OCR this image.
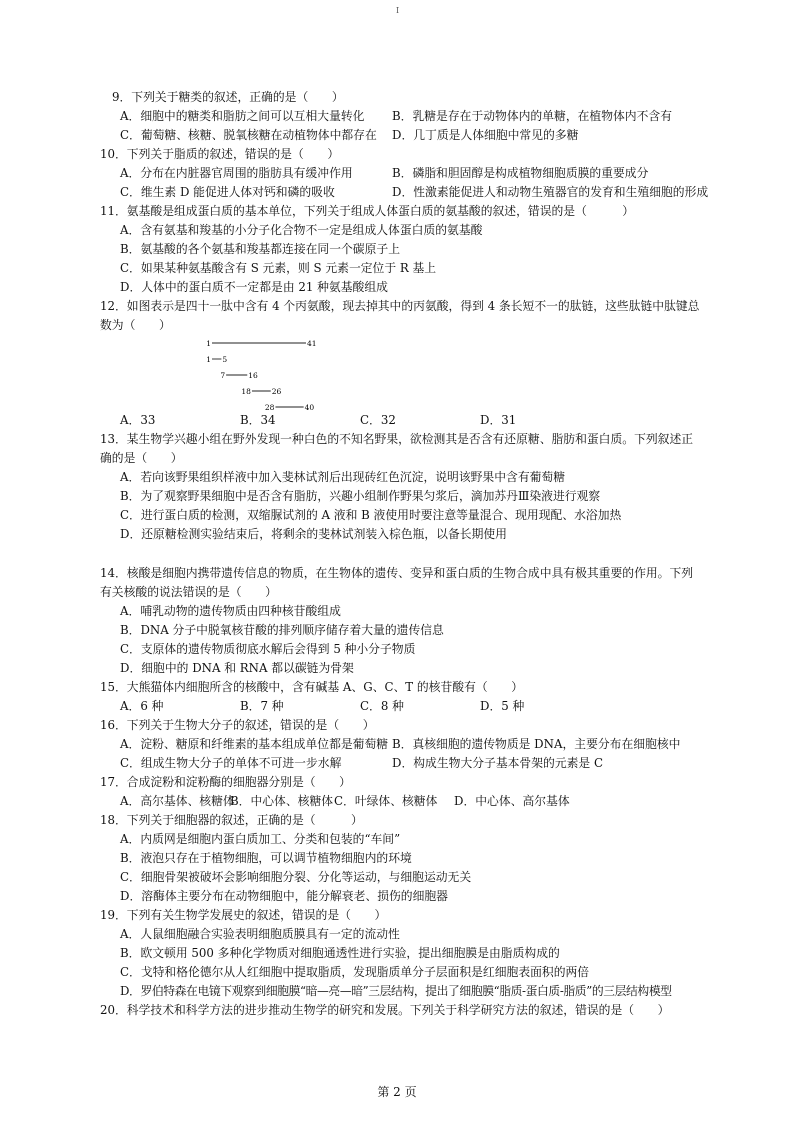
I

9．下列关于糖类的叙述，正确的是（　　）

A．细胞中的糖类和脂肪之间可以互相大量转化	B．乳糖是存在于动物体内的单糖，在植物体内不含有
C．葡萄糖、核糖、脱氧核糖在动植物体中都存在	D．几丁质是人体细胞中常见的多糖

10．下列关于脂质的叙述，错误的是（　　）

A．分布在内脏器官周围的脂肪具有缓冲作用	B．磷脂和胆固醇是构成植物细胞质膜的重要成分
C．维生素 D 能促进人体对钙和磷的吸收	D．性激素能促进人和动物生殖器官的发育和生殖细胞的形成

11．氨基酸是组成蛋白质的基本单位，下列关于组成人体蛋白质的氨基酸的叙述，错误的是（　　　）

A．含有氨基和羧基的小分子化合物不一定是组成人体蛋白质的氨基酸

B．氨基酸的各个氨基和羧基都连接在同一个碳原子上

C．如果某种氨基酸含有 S 元素，则 S 元素一定位于 R 基上

D．人体中的蛋白质不一定都是由 21 种氨基酸组成

12．如图表示是四十一肽中含有 4 个丙氨酸，现去掉其中的丙氨酸，得到 4 条长短不一的肽链，这些肽链中肽键总

数为（　　）

1	41
1 5
7	16
18	26
28	40
A．33	B．34	C．32	D．31

13．某生物学兴趣小组在野外发现一种白色的不知名野果，欲检测其是否含有还原糖、脂肪和蛋白质。下列叙述正

确的是（　　）

A．若向该野果组织样液中加入斐林试剂后出现砖红色沉淀，说明该野果中含有葡萄糖

B．为了观察野果细胞中是否含有脂肪，兴趣小组制作野果匀浆后，滴加苏丹Ⅲ染液进行观察

C．进行蛋白质的检测，双缩脲试剂的 A 液和 B 液使用时要注意等量混合、现用现配、水浴加热

D．还原糖检测实验结束后，将剩余的斐林试剂装入棕色瓶，以备长期使用

14．核酸是细胞内携带遗传信息的物质，在生物体的遗传、变异和蛋白质的生物合成中具有极其重要的作用。下列

有关核酸的说法错误的是（　　）

A．哺乳动物的遗传物质由四种核苷酸组成

B．DNA 分子中脱氧核苷酸的排列顺序储存着大量的遗传信息

C．支原体的遗传物质彻底水解后会得到 5 种小分子物质

D．细胞中的 DNA 和 RNA 都以碳链为骨架

15．大熊猫体内细胞所含的核酸中，含有碱基 A、G、C、T 的核苷酸有（　　）

A．6 种	B．7 种	C．8 种	D．5 种

16．下列关于生物大分子的叙述，错误的是（　　）

A．淀粉、糖原和纤维素的基本组成单位都是葡萄糖 B．真核细胞的遗传物质是 DNA，主要分布在细胞核中
C．组成生物大分子的单体不可进一步水解	D．构成生物大分子基本骨架的元素是 C

17．合成淀粉和淀粉酶的细胞器分别是（　　）

A．高尔基体、核糖体
B．中心体、核糖体 C．叶绿体、核糖体	D．中心体、高尔基体

18．下列关于细胞器的叙述，正确的是（　　　）

A．内质网是细胞内蛋白质加工、分类和包装的“车间”

B．液泡只存在于植物细胞，可以调节植物细胞内的环境

C．细胞骨架被破坏会影响细胞分裂、分化等运动，与细胞运动无关

D．溶酶体主要分布在动物细胞中，能分解衰老、损伤的细胞器

19．下列有关生物学发展史的叙述，错误的是（　　）

A．人鼠细胞融合实验表明细胞质膜具有一定的流动性

B．欧文顿用 500 多种化学物质对细胞通透性进行实验，提出细胞膜是由脂质构成的

C．戈特和格伦德尔从人红细胞中提取脂质，发现脂质单分子层面积是红细胞表面积的两倍

D．罗伯特森在电镜下观察到细胞膜“暗—亮—暗”三层结构，提出了细胞膜“脂质-蛋白质-脂质”的三层结构模型

20．科学技术和科学方法的进步推动生物学的研究和发展。下列关于科学研究方法的叙述，错误的是（　　）

第 2 页
